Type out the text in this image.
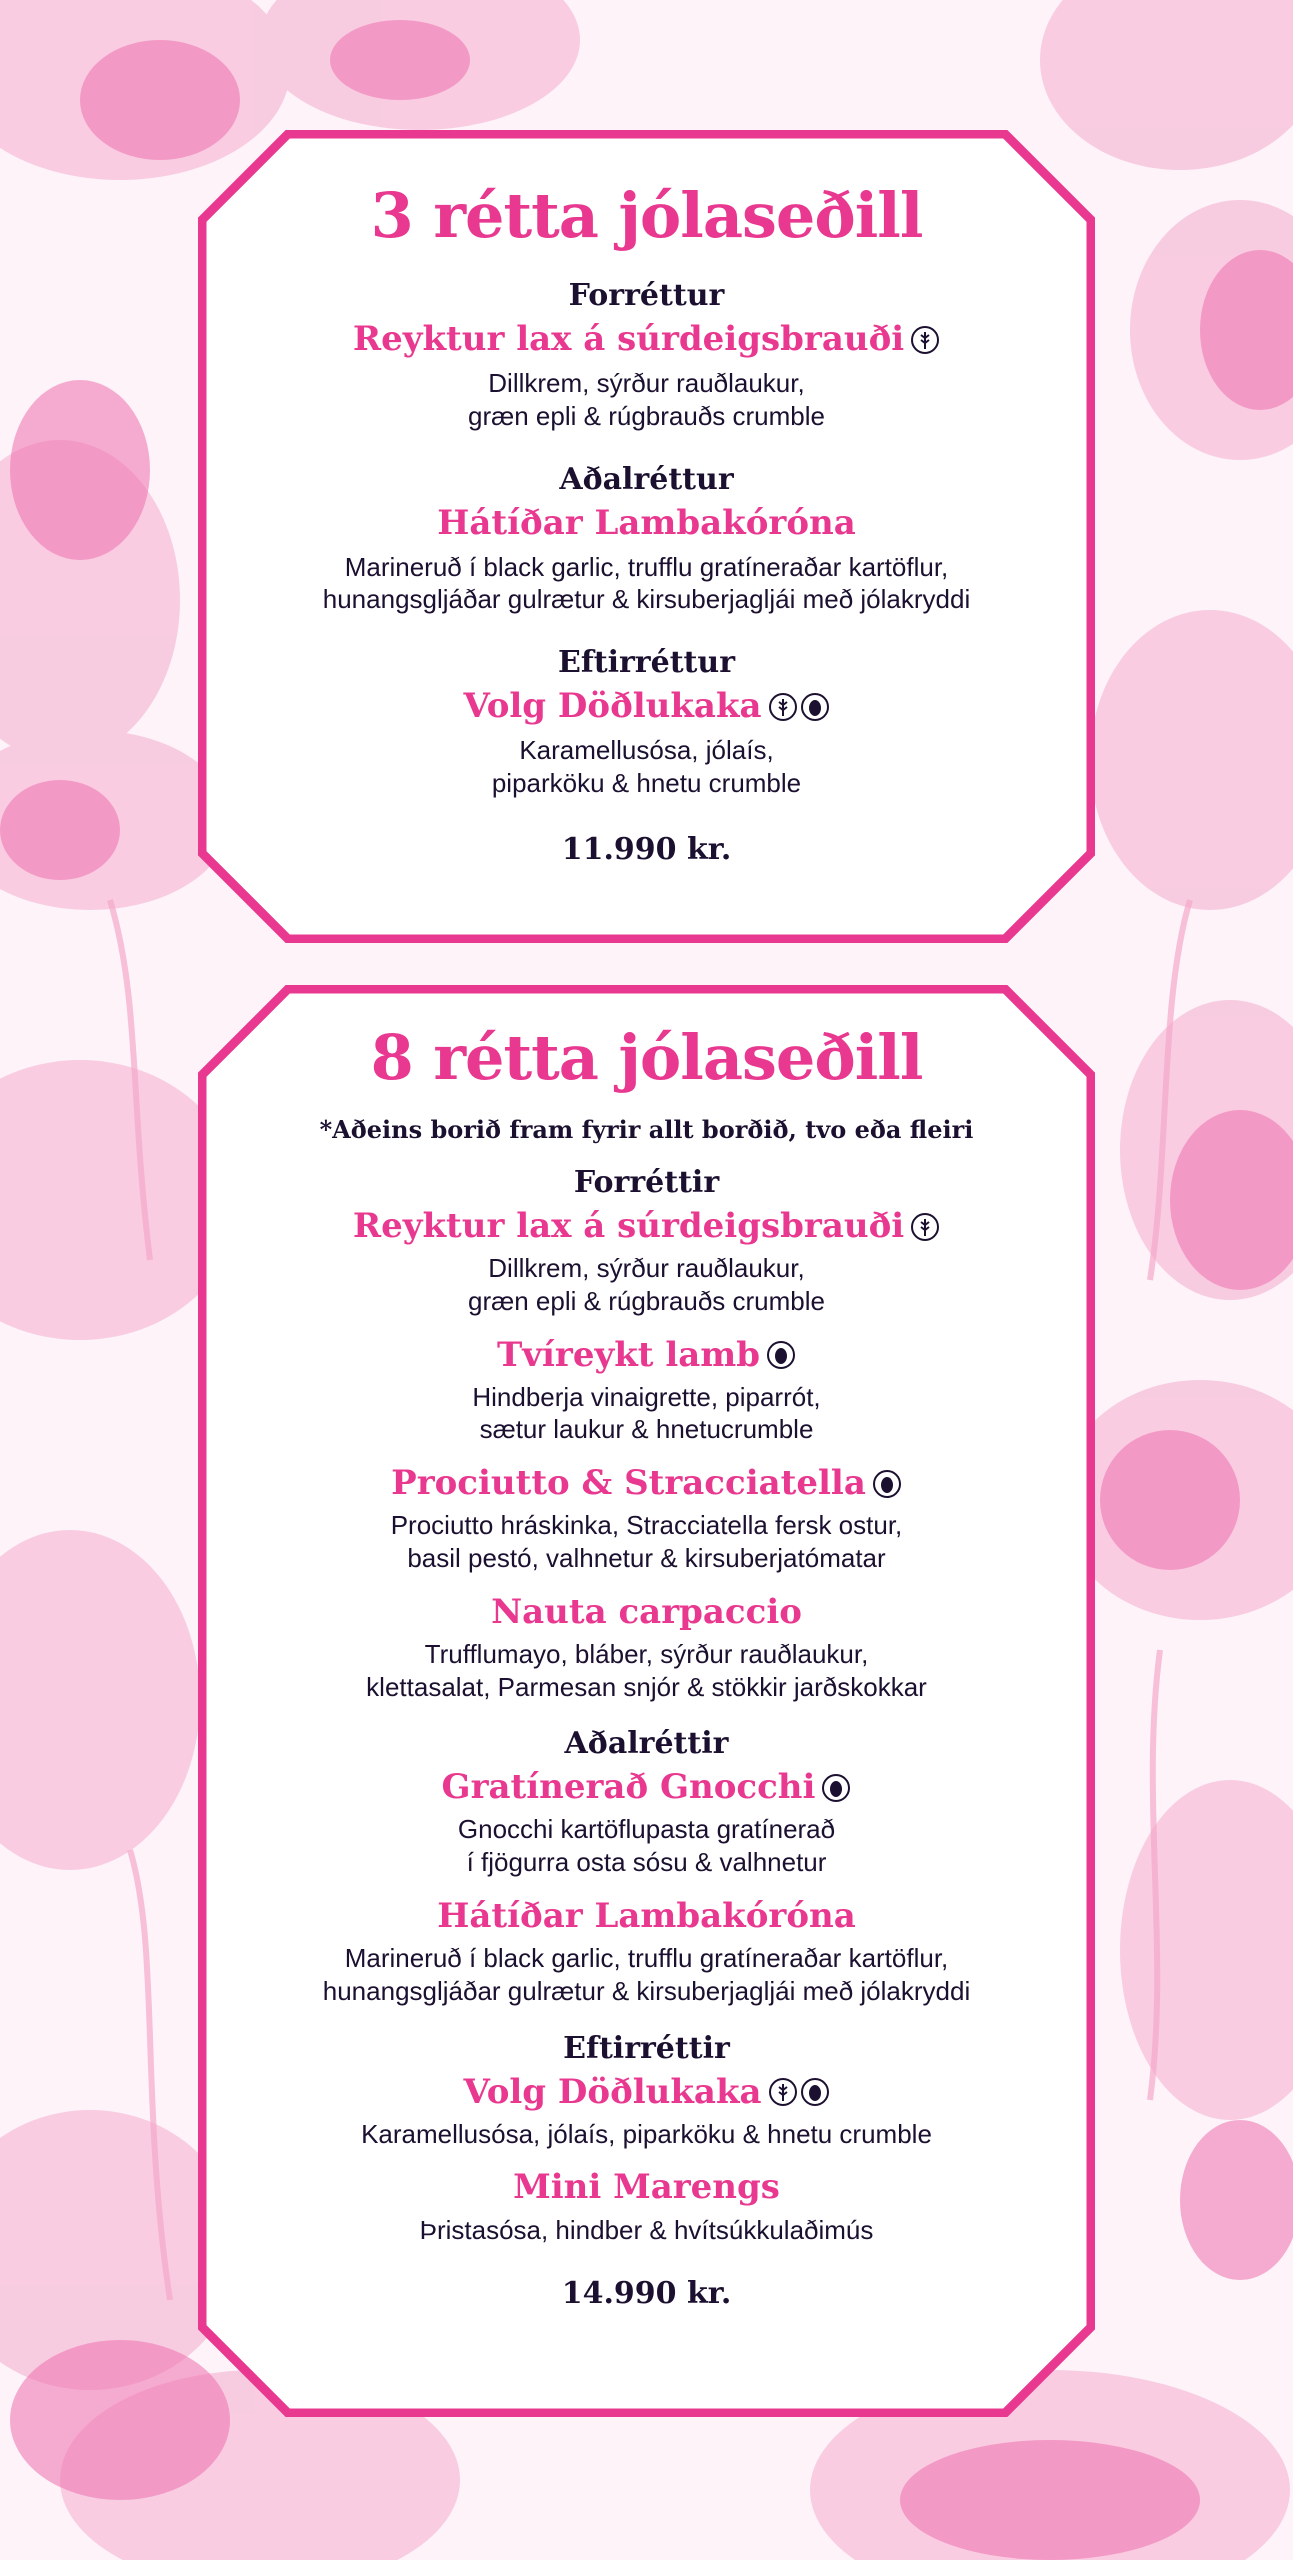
3 rétta jólaseðill
Forréttur
Reyktur lax á súrdeigsbrauði
Dillkrem, sýrður rauðlaukur,
græn epli & rúgbrauðs crumble
Aðalréttur
Hátíðar Lambakóróna
Marineruð í black garlic, trufflu gratíneraðar kartöflur,
hunangsgljáðar gulrætur & kirsuberjagljái með jólakryddi
Eftirréttur
Volg Döðlukaka
Karamellusósa, jólaís,
piparköku & hnetu crumble
11.990 kr.
8 rétta jólaseðill
*Aðeins borið fram fyrir allt borðið, tvo eða fleiri
Forréttir
Reyktur lax á súrdeigsbrauði
Dillkrem, sýrður rauðlaukur,
græn epli & rúgbrauðs crumble
Tvíreykt lamb
Hindberja vinaigrette, piparrót,
sætur laukur & hnetucrumble
Prociutto & Stracciatella
Prociutto hráskinka, Stracciatella fersk ostur,
basil pestó, valhnetur & kirsuberjatómatar
Nauta carpaccio
Trufflumayo, bláber, sýrður rauðlaukur,
klettasalat, Parmesan snjór & stökkir jarðskokkar
Aðalréttir
Gratínerað Gnocchi
Gnocchi kartöflupasta gratínerað
í fjögurra osta sósu & valhnetur
Hátíðar Lambakóróna
Marineruð í black garlic, trufflu gratíneraðar kartöflur,
hunangsgljáðar gulrætur & kirsuberjagljái með jólakryddi
Eftirréttir
Volg Döðlukaka
Karamellusósa, jólaís, piparköku & hnetu crumble
Mini Marengs
Þristasósa, hindber & hvítsúkkulaðimús
14.990 kr.
